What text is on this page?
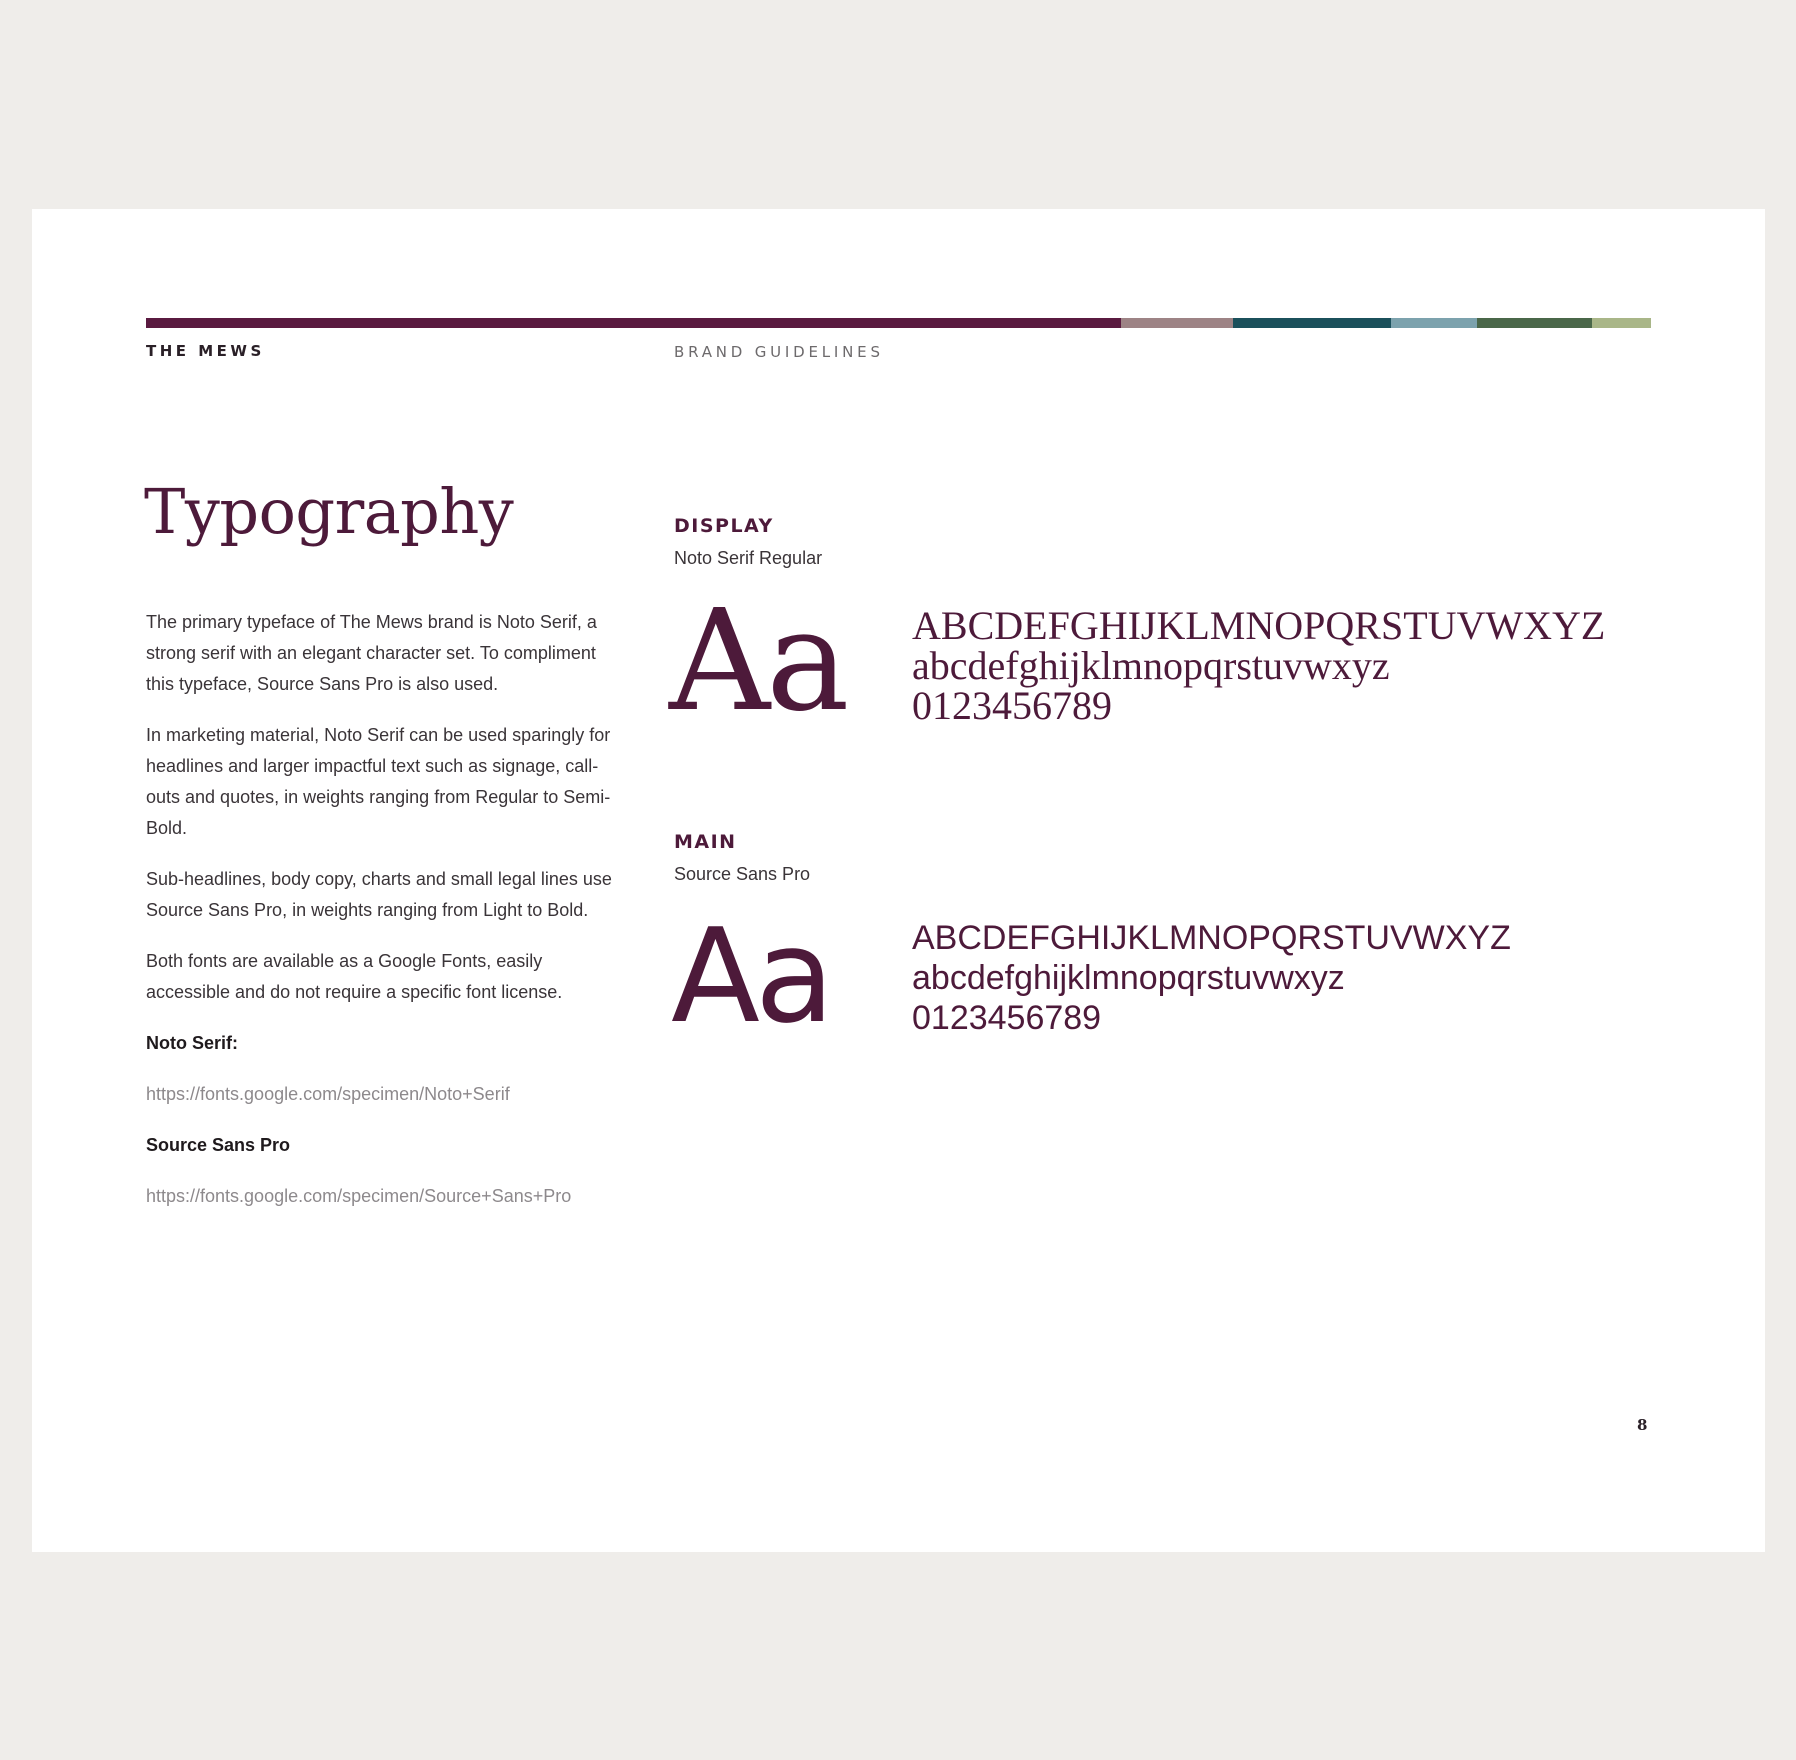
THE MEWS	BRAND GUIDELINES
Typography

The primary typeface of The Mews brand is Noto Serif, a strong serif with an elegant character set. To compliment this typeface, Source Sans Pro is also used.

In marketing material, Noto Serif can be used sparingly for headlines and larger impactful text such as signage, call-outs and quotes, in weights ranging from Regular to Semi-Bold.

Sub-headlines, body copy, charts and small legal lines use Source Sans Pro, in weights ranging from Light to Bold.

Both fonts are available as a Google Fonts, easily accessible and do not require a specific font license.

Noto Serif:

https://fonts.google.com/specimen/Noto+Serif

Source Sans Pro

https://fonts.google.com/specimen/Source+Sans+Pro

DISPLAY
Noto Serif Regular
Aa ABCDEFGHIJKLMNOPQRSTUVWXYZ
abcdefghijklmnopqrstuvwxyz
0123456789
MAIN
Source Sans Pro
Aa ABCDEFGHIJKLMNOPQRSTUVWXYZ
abcdefghijklmnopqrstuvwxyz
0123456789
8
